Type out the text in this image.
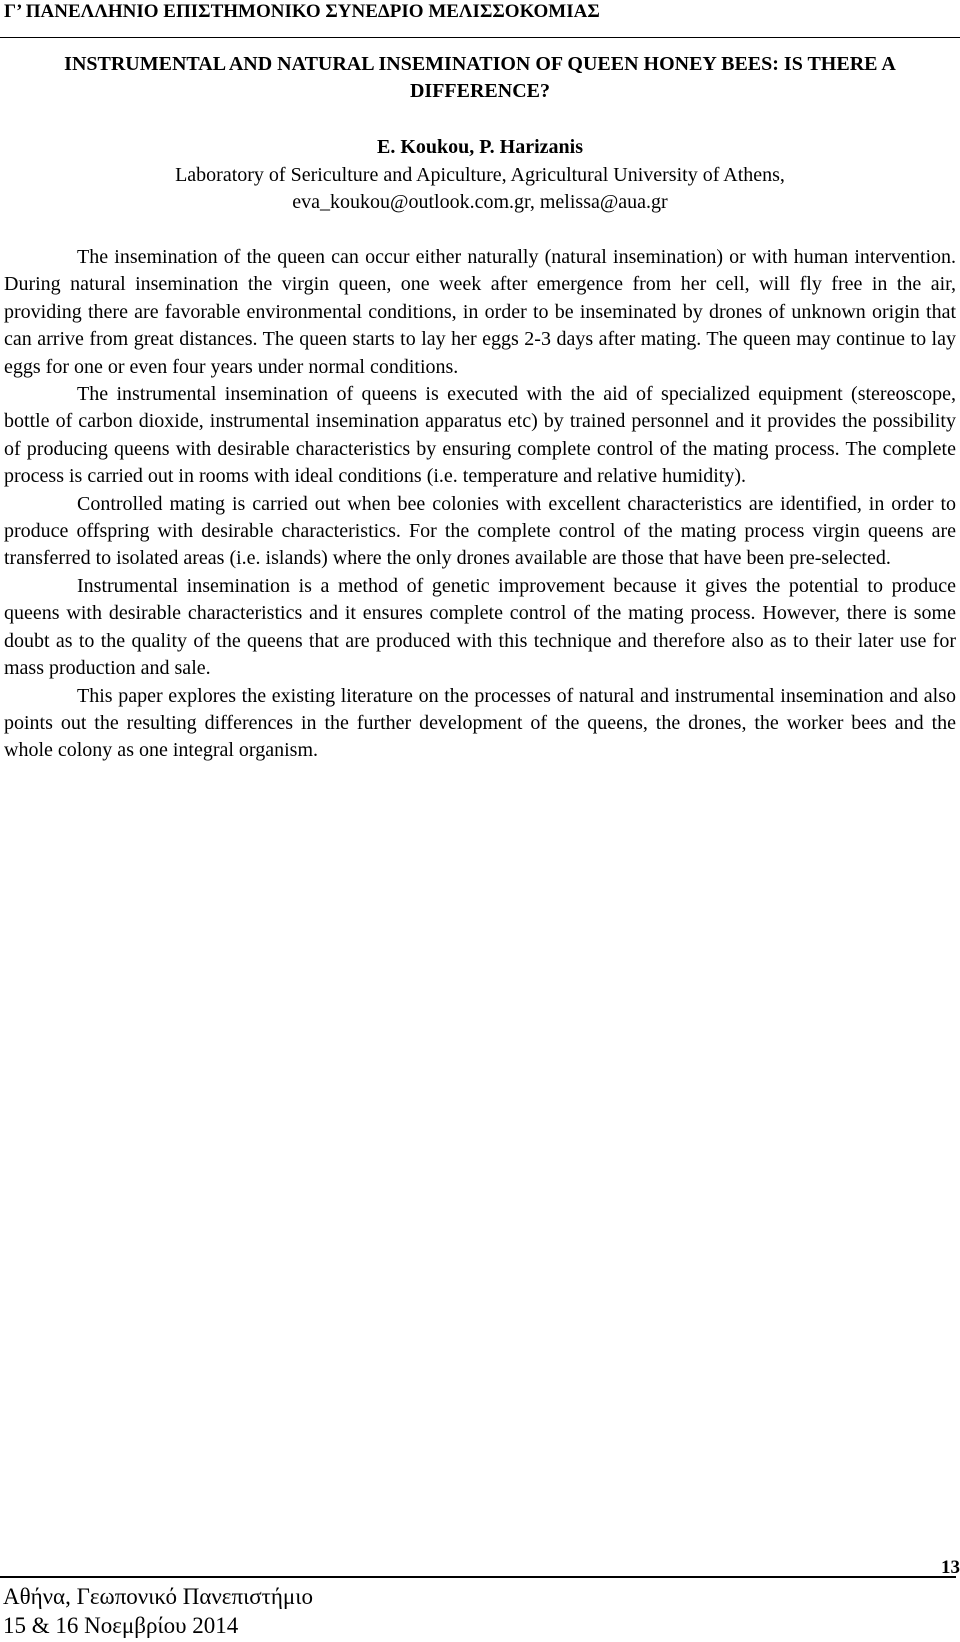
Γ’ ΠΑΝΕΛΛΗΝΙΟ ΕΠΙΣΤΗΜΟΝΙΚΟ ΣΥΝΕΔΡΙΟ ΜΕΛΙΣΣΟΚΟΜΙΑΣ
INSTRUMENTAL AND NATURAL INSEMINATION OF QUEEN HONEY BEES: IS THERE A DIFFERENCE?
E. Koukou, P. Harizanis
Laboratory of Sericulture and Apiculture, Agricultural University of Athens,
eva_koukou@outlook.com.gr, melissa@aua.gr

The insemination of the queen can occur either naturally (natural insemination) or with human intervention. During natural insemination the virgin queen, one week after emergence from her cell, will fly free in the air, providing there are favorable environmental conditions, in order to be inseminated by drones of unknown origin that can arrive from great distances. The queen starts to lay her eggs 2-3 days after mating. The queen may continue to lay eggs for one or even four years under normal conditions.

The instrumental insemination of queens is executed with the aid of specialized equipment (stereoscope, bottle of carbon dioxide, instrumental insemination apparatus etc) by trained personnel and it provides the possibility of producing queens with desirable characteristics by ensuring complete control of the mating process. The complete process is carried out in rooms with ideal conditions (i.e. temperature and relative humidity).

Controlled mating is carried out when bee colonies with excellent characteristics are identified, in order to produce offspring with desirable characteristics. For the complete control of the mating process virgin queens are transferred to isolated areas (i.e. islands) where the only drones available are those that have been pre-selected.

Instrumental insemination is a method of genetic improvement because it gives the potential to produce queens with desirable characteristics and it ensures complete control of the mating process. However, there is some doubt as to the quality of the queens that are produced with this technique and therefore also as to their later use for mass production and sale.

This paper explores the existing literature on the processes of natural and instrumental insemination and also points out the resulting differences in the further development of the queens, the drones, the worker bees and the whole colony as one integral organism.

13
Αθήνα, Γεωπονικό Πανεπιστήμιο
15 & 16 Νοεμβρίου 2014
